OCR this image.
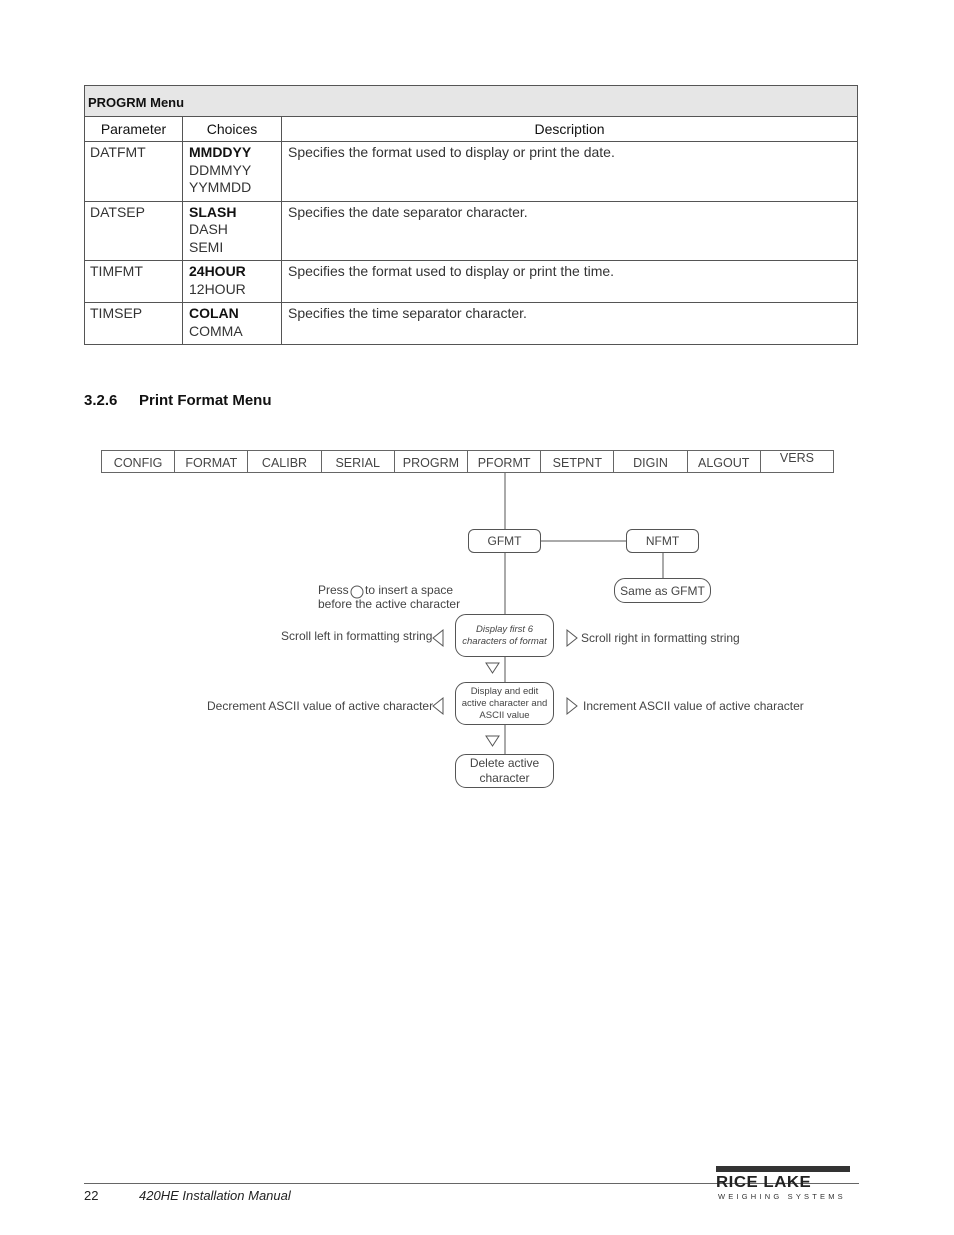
PROGRM Menu		
Parameter	Choices	Description
DATFMT	MMDDYY
DDMMYY
YYMMDD	Specifies the format used to display or print the date.
DATSEP	SLASH
DASH
SEMI	Specifies the date separator character.
TIMFMT	24HOUR
12HOUR	Specifies the format used to display or print the time.
TIMSEP	COLAN
COMMA	Specifies the time separator character.
3.2.6 Print Format Menu
CONFIG	FORMAT	CALIBR	SERIAL	PROGRM	PFORMT	SETPNT	DIGIN	ALGOUT	VERS
GFMT	NFMT
Same as GFMT
Display first 6
characters of format
Display and edit
active character and
ASCII value
Delete active
character
Press to insert a space
before the active character
Scroll left in formatting string	Scroll right in formatting string
Decrement ASCII value of active character	Increment ASCII value of active character
22	420HE Installation Manual
RICE LAKE
WEIGHING SYSTEMS
